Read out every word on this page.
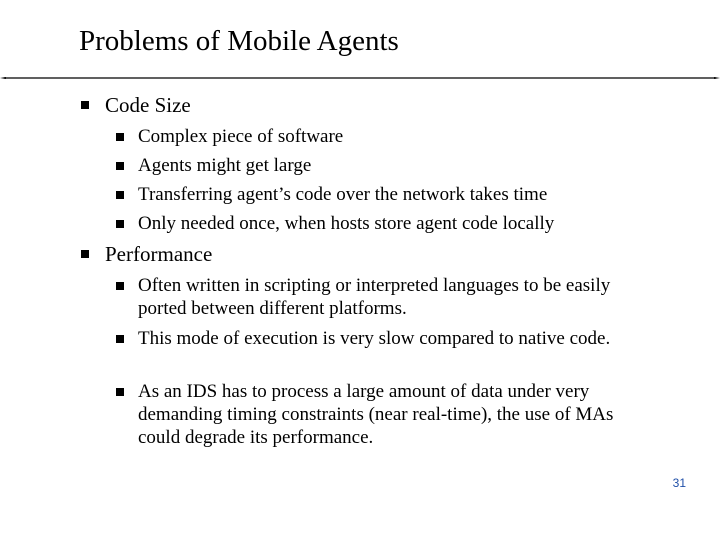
Problems of Mobile Agents
Code Size
Complex piece of software
Agents might get large
Transferring agent’s code over the network takes time
Only needed once, when hosts store agent code locally
Performance
Often written in scripting or interpreted languages to be easily ported between different platforms.
This mode of execution is very slow compared to native code.
As an IDS has to process a large amount of data under very demanding timing constraints (near real-time), the use of MAs could degrade its performance.
31
